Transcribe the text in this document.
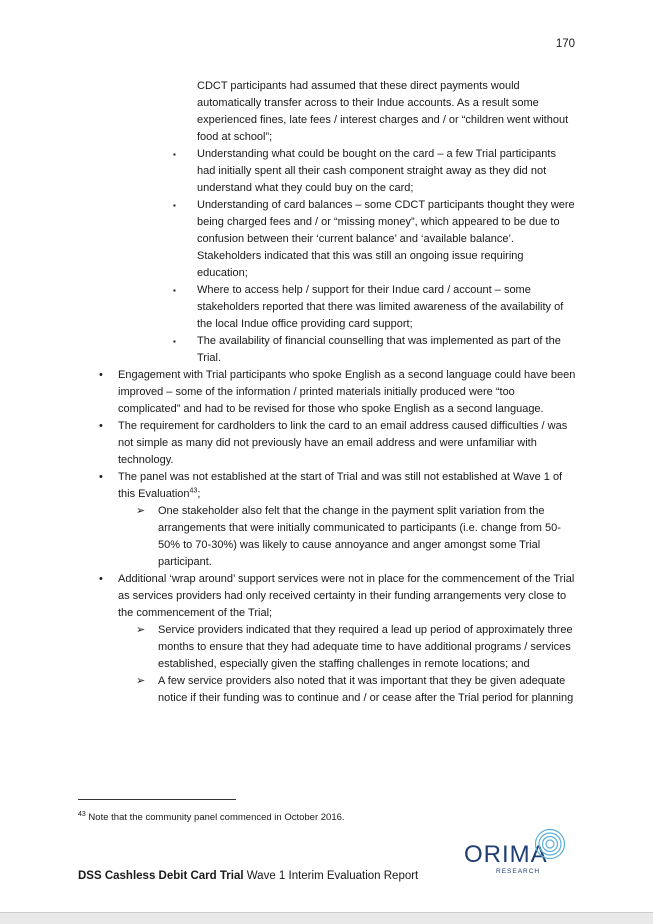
170
CDCT participants had assumed that these direct payments would automatically transfer across to their Indue accounts. As a result some experienced fines, late fees / interest charges and / or “children went without food at school”;
▪ Understanding what could be bought on the card – a few Trial participants had initially spent all their cash component straight away as they did not understand what they could buy on the card;
▪ Understanding of card balances – some CDCT participants thought they were being charged fees and / or “missing money”, which appeared to be due to confusion between their ‘current balance’ and ‘available balance’. Stakeholders indicated that this was still an ongoing issue requiring education;
▪ Where to access help / support for their Indue card / account – some stakeholders reported that there was limited awareness of the availability of the local Indue office providing card support;
▪ The availability of financial counselling that was implemented as part of the Trial.
• Engagement with Trial participants who spoke English as a second language could have been improved – some of the information / printed materials initially produced were “too complicated” and had to be revised for those who spoke English as a second language.
• The requirement for cardholders to link the card to an email address caused difficulties / was not simple as many did not previously have an email address and were unfamiliar with technology.
• The panel was not established at the start of Trial and was still not established at Wave 1 of this Evaluation$^{43}$;
➢ One stakeholder also felt that the change in the payment split variation from the arrangements that were initially communicated to participants (i.e. change from 50-50% to 70-30%) was likely to cause annoyance and anger amongst some Trial participant.
• Additional ‘wrap around’ support services were not in place for the commencement of the Trial as services providers had only received certainty in their funding arrangements very close to the commencement of the Trial;
➢ Service providers indicated that they required a lead up period of approximately three months to ensure that they had adequate time to have additional programs / services established, especially given the staffing challenges in remote locations; and
➢ A few service providers also noted that it was important that they be given adequate notice if their funding was to continue and / or cease after the Trial period for planning
$^{43}$ Note that the community panel commenced in October 2016.
DSS Cashless Debit Card Trial Wave 1 Interim Evaluation Report
ORIMA
RESEARCH
